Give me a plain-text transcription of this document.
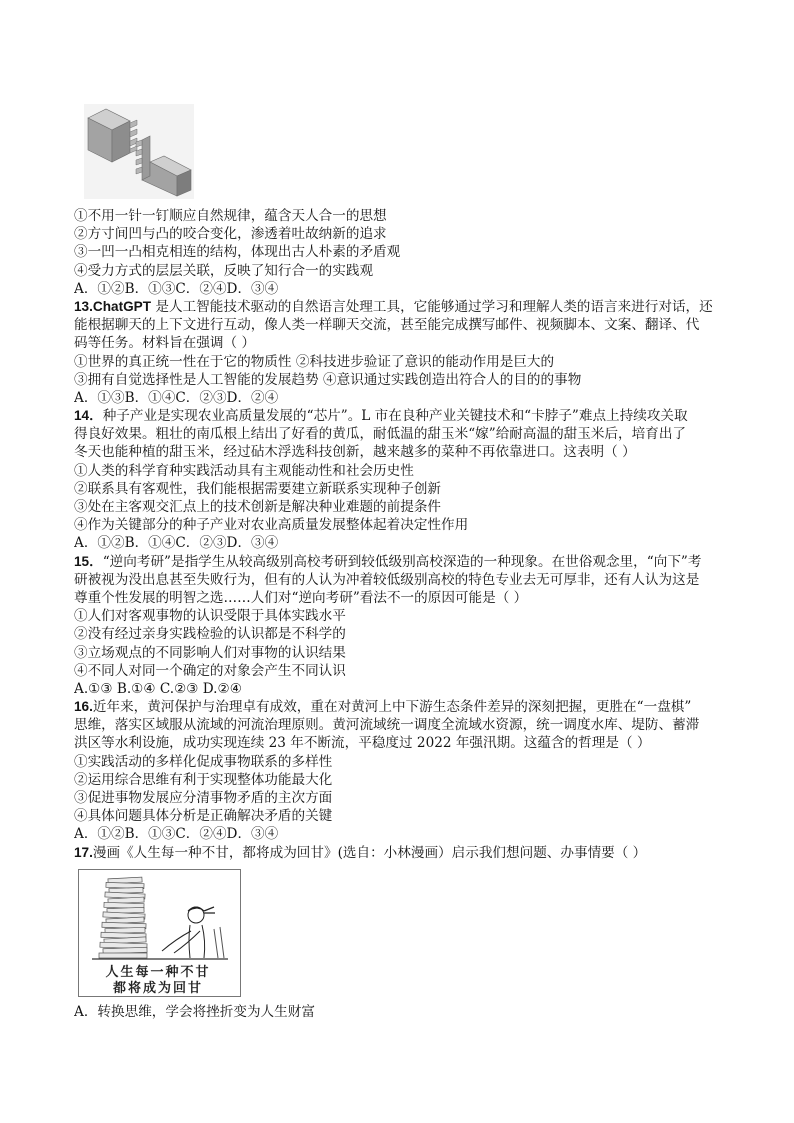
①不用一针一钉顺应自然规律，蕴含天人合一的思想
②方寸间凹与凸的咬合变化，渗透着吐故纳新的追求
③一凹一凸相克相连的结构，体现出古人朴素的矛盾观
④受力方式的层层关联，反映了知行合一的实践观
A．①②B．①③C．②④D．③④
13.ChatGPT 是人工智能技术驱动的自然语言处理工具，它能够通过学习和理解人类的语言来进行对话，还
能根据聊天的上下文进行互动，像人类一样聊天交流，甚至能完成撰写邮件、视频脚本、文案、翻译、代
码等任务。材料旨在强调（ ）
①世界的真正统一性在于它的物质性 ②科技进步验证了意识的能动作用是巨大的
③拥有自觉选择性是人工智能的发展趋势 ④意识通过实践创造出符合人的目的的事物
A．①③B．①④C．②③D．②④
14．种子产业是实现农业高质量发展的“芯片”。L 市在良种产业关键技术和“卡脖子”难点上持续攻关取
得良好效果。粗壮的南瓜根上结出了好看的黄瓜，耐低温的甜玉米“嫁”给耐高温的甜玉米后，培育出了
冬天也能种植的甜玉米，经过砧木浮选科技创新，越来越多的菜种不再依靠进口。这表明（ ）
①人类的科学育种实践活动具有主观能动性和社会历史性
②联系具有客观性，我们能根据需要建立新联系实现种子创新
③处在主客观交汇点上的技术创新是解决种业难题的前提条件
④作为关键部分的种子产业对农业高质量发展整体起着决定性作用
A．①②B．①④C．②③D．③④
15．“逆向考研”是指学生从较高级别高校考研到较低级别高校深造的一种现象。在世俗观念里，“向下”考
研被视为没出息甚至失败行为，但有的人认为冲着较低级别高校的特色专业去无可厚非，还有人认为这是
尊重个性发展的明智之选……人们对“逆向考研”看法不一的原因可能是（ ）
①人们对客观事物的认识受限于具体实践水平
②没有经过亲身实践检验的认识都是不科学的
③立场观点的不同影响人们对事物的认识结果
④不同人对同一个确定的对象会产生不同认识
A.①③ B.①④ C.②③ D.②④
16.近年来，黄河保护与治理卓有成效，重在对黄河上中下游生态条件差异的深刻把握，更胜在“一盘棋”
思维，落实区域服从流域的河流治理原则。黄河流域统一调度全流域水资源，统一调度水库、堤防、蓄滞
洪区等水利设施，成功实现连续 23 年不断流，平稳度过 2022 年强汛期。这蕴含的哲理是（ ）
①实践活动的多样化促成事物联系的多样性
②运用综合思维有利于实现整体功能最大化
③促进事物发展应分清事物矛盾的主次方面
④具体问题具体分析是正确解决矛盾的关键
A．①②B．①③C．②④D．③④
17.漫画《人生每一种不甘，都将成为回甘》(选自：小林漫画）启示我们想问题、办事情要（ ）
人生每一种不甘
都将成为回甘
A．转换思维，学会将挫折变为人生财富
